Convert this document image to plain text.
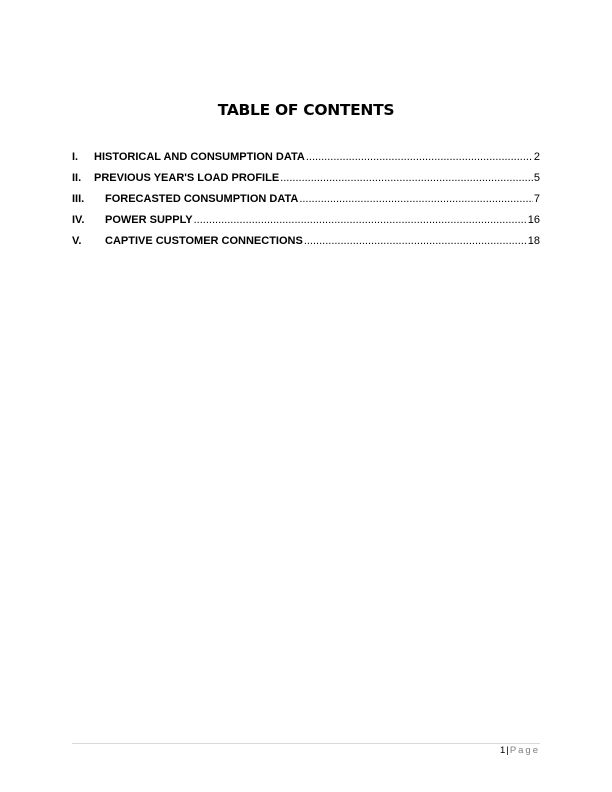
TABLE OF CONTENTS
I.	HISTORICAL AND CONSUMPTION DATA .....	2
II.	PREVIOUS YEAR'S LOAD PROFILE .....	5
III.	FORECASTED CONSUMPTION DATA .....	7
IV.	POWER SUPPLY .....	16
V.	CAPTIVE CUSTOMER CONNECTIONS .....	18
1|Page
